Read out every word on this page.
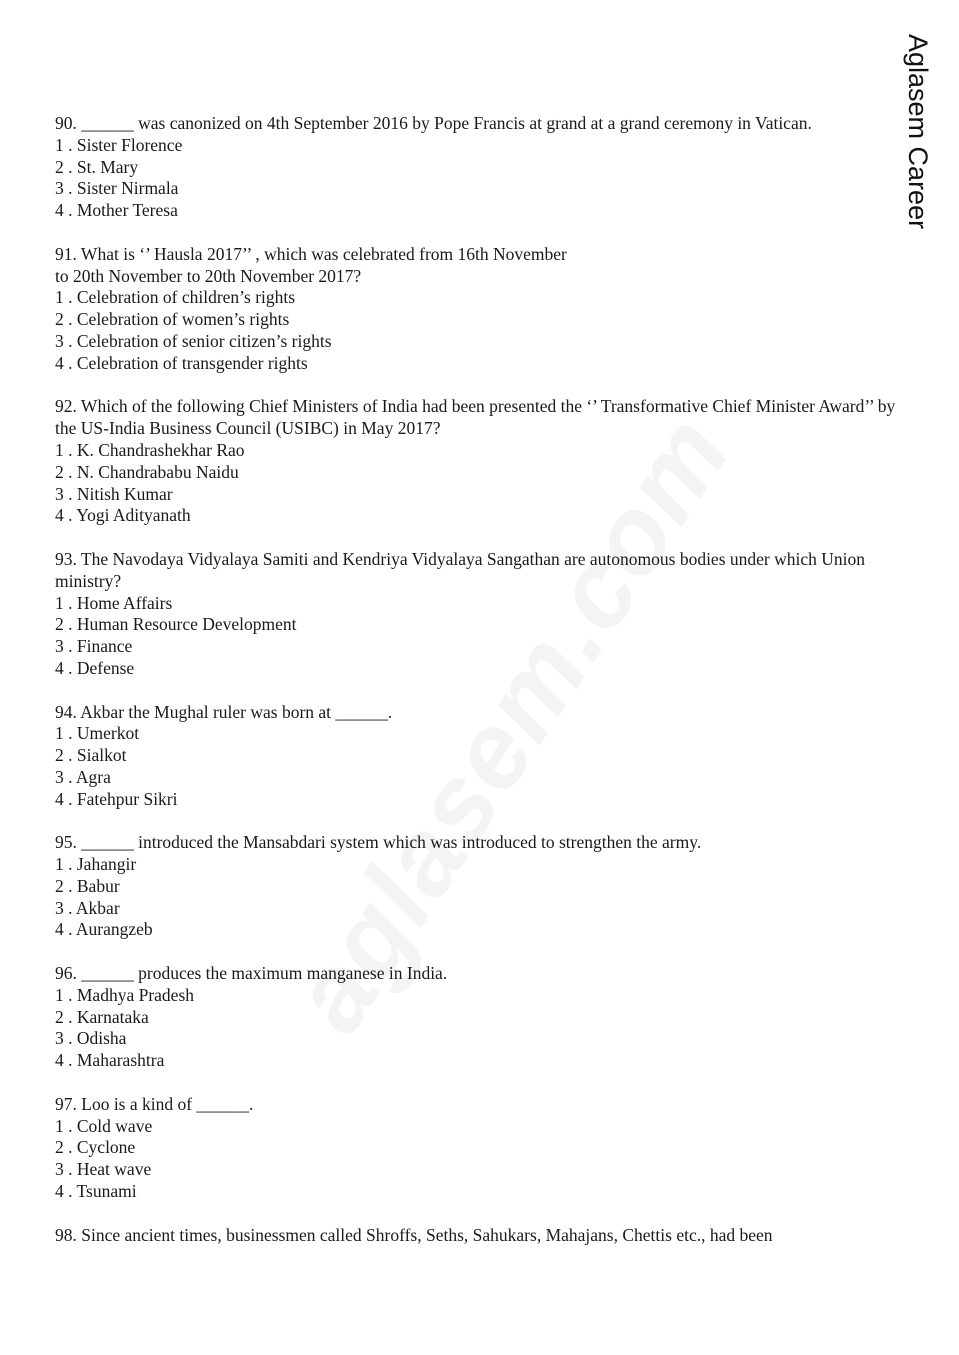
Aglasem Career

90. ______ was canonized on 4th September 2016 by Pope Francis at grand at a grand ceremony in Vatican.

1 . Sister Florence

2 . St. Mary

3 . Sister Nirmala

4 . Mother Teresa

91. What is ‘’ Hausla 2017’’ , which was celebrated from 16th November

to 20th November to 20th November 2017?

1 . Celebration of children’s rights

2 . Celebration of women’s rights

3 . Celebration of senior citizen’s rights

4 . Celebration of transgender rights

92. Which of the following Chief Ministers of India had been presented the ‘’ Transformative Chief Minister Award’’ by the US-India Business Council (USIBC) in May 2017?

1 . K. Chandrashekhar Rao

2 . N. Chandrababu Naidu

3 . Nitish Kumar

4 . Yogi Adityanath

93. The Navodaya Vidyalaya Samiti and Kendriya Vidyalaya Sangathan are autonomous bodies under which Union ministry?

1 . Home Affairs

2 . Human Resource Development

3 . Finance

4 . Defense

94. Akbar the Mughal ruler was born at ______.

1 . Umerkot

2 . Sialkot

3 . Agra

4 . Fatehpur Sikri

95. ______ introduced the Mansabdari system which was introduced to strengthen the army.

1 . Jahangir

2 . Babur

3 . Akbar

4 . Aurangzeb

96. ______ produces the maximum manganese in India.

1 . Madhya Pradesh

2 . Karnataka

3 . Odisha

4 . Maharashtra

97. Loo is a kind of ______.

1 . Cold wave

2 . Cyclone

3 . Heat wave

4 . Tsunami

98. Since ancient times, businessmen called Shroffs, Seths, Sahukars, Mahajans, Chettis etc., had been
